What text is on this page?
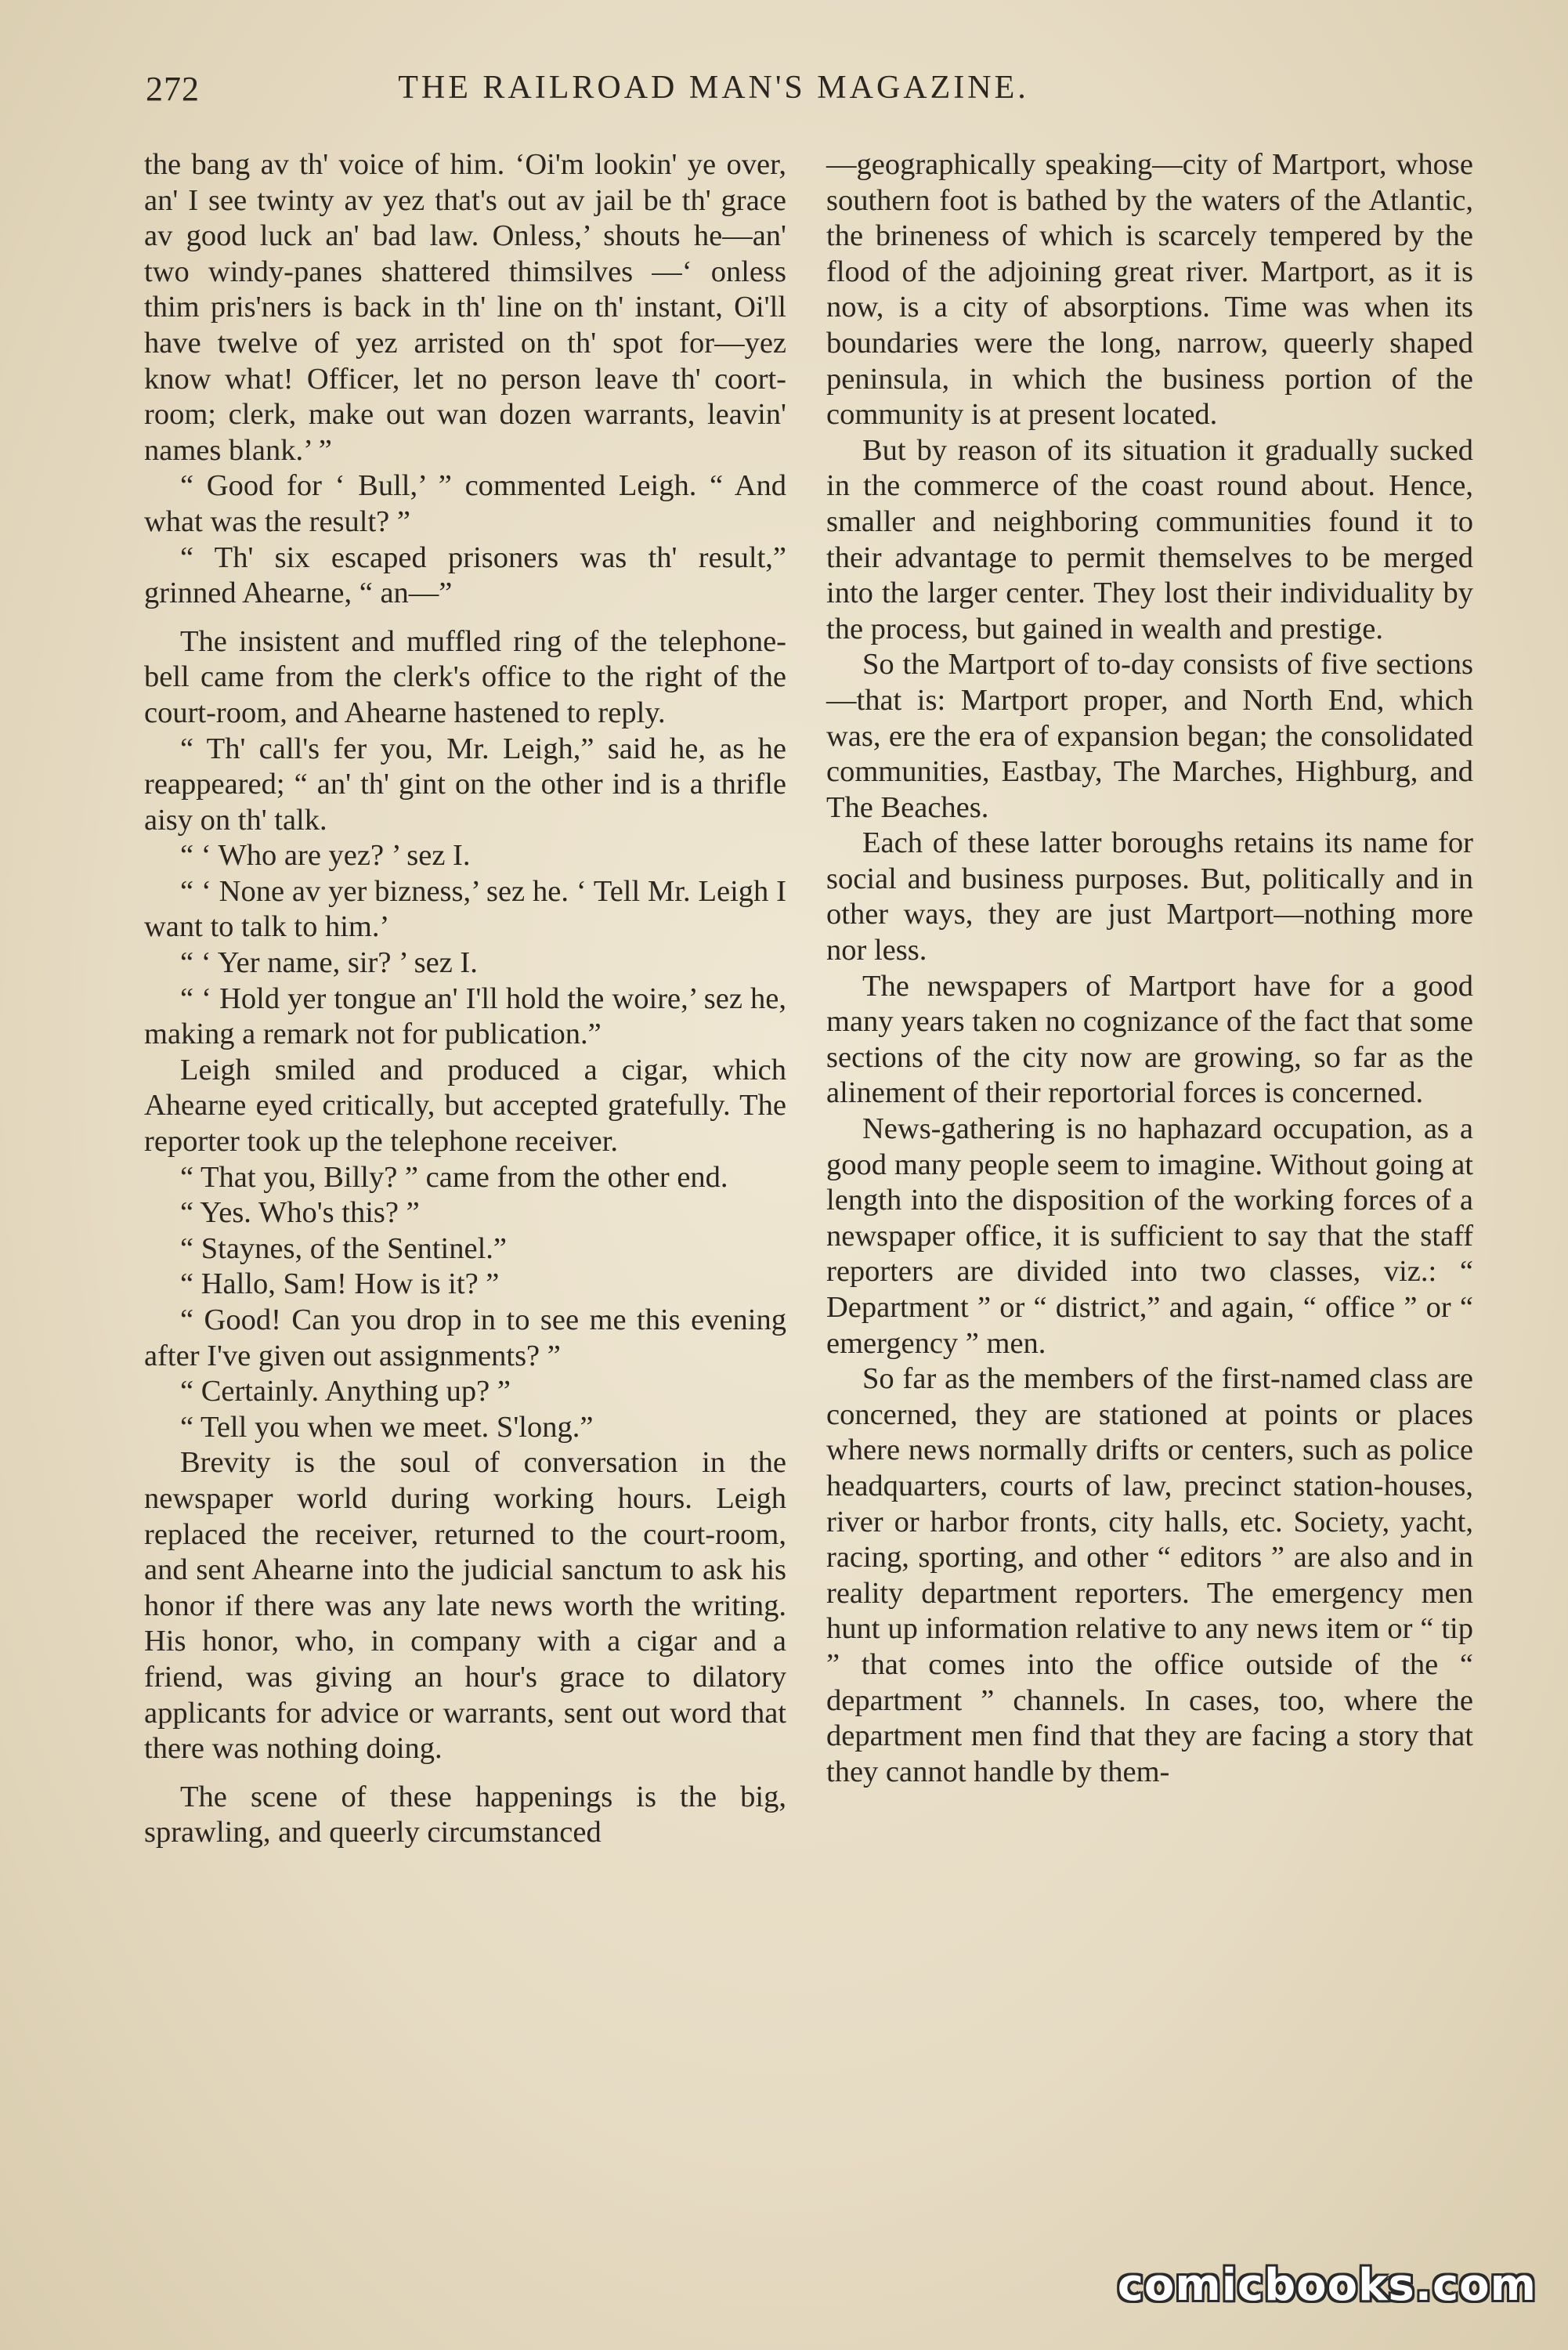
272	THE RAILROAD MAN'S MAGAZINE.

the bang av th' voice of him. ‘Oi'm lookin' ye over, an' I see twinty av yez that's out av jail be th' grace av good luck an' bad law. Onless,’ shouts he—an' two windy-panes shattered thimsilves —‘ onless thim pris'ners is back in th' line on th' instant, Oi'll have twelve of yez arristed on th' spot for—yez know what! Officer, let no person leave th' coort-room; clerk, make out wan dozen warrants, leavin' names blank.’ ”

“ Good for ‘ Bull,’ ” commented Leigh. “ And what was the result? ”

“ Th' six escaped prisoners was th' result,” grinned Ahearne, “ an—”

The insistent and muffled ring of the telephone-bell came from the clerk's office to the right of the court-room, and Ahearne hastened to reply.

“ Th' call's fer you, Mr. Leigh,” said he, as he reappeared; “ an' th' gint on the other ind is a thrifle aisy on th' talk.

“ ‘ Who are yez? ’ sez I.

“ ‘ None av yer bizness,’ sez he. ‘ Tell Mr. Leigh I want to talk to him.’

“ ‘ Yer name, sir? ’ sez I.

“ ‘ Hold yer tongue an' I'll hold the woire,’ sez he, making a remark not for publication.”

Leigh smiled and produced a cigar, which Ahearne eyed critically, but accepted gratefully. The reporter took up the telephone receiver.

“ That you, Billy? ” came from the other end.

“ Yes. Who's this? ”

“ Staynes, of the Sentinel.”

“ Hallo, Sam! How is it? ”

“ Good! Can you drop in to see me this evening after I've given out assignments? ”

“ Certainly. Anything up? ”

“ Tell you when we meet. S'long.”

Brevity is the soul of conversation in the newspaper world during working hours. Leigh replaced the receiver, returned to the court-room, and sent Ahearne into the judicial sanctum to ask his honor if there was any late news worth the writing. His honor, who, in company with a cigar and a friend, was giving an hour's grace to dilatory applicants for advice or warrants, sent out word that there was nothing doing.

The scene of these happenings is the big, sprawling, and queerly circumstanced

—geographically speaking—city of Martport, whose southern foot is bathed by the waters of the Atlantic, the brineness of which is scarcely tempered by the flood of the adjoining great river. Martport, as it is now, is a city of absorptions. Time was when its boundaries were the long, narrow, queerly shaped peninsula, in which the business portion of the community is at present located.

But by reason of its situation it gradually sucked in the commerce of the coast round about. Hence, smaller and neighboring communities found it to their advantage to permit themselves to be merged into the larger center. They lost their individuality by the process, but gained in wealth and prestige.

So the Martport of to-day consists of five sections—that is: Martport proper, and North End, which was, ere the era of expansion began; the consolidated communities, Eastbay, The Marches, Highburg, and The Beaches.

Each of these latter boroughs retains its name for social and business purposes. But, politically and in other ways, they are just Martport—nothing more nor less.

The newspapers of Martport have for a good many years taken no cognizance of the fact that some sections of the city now are growing, so far as the alinement of their reportorial forces is concerned.

News-gathering is no haphazard occupation, as a good many people seem to imagine. Without going at length into the disposition of the working forces of a newspaper office, it is sufficient to say that the staff reporters are divided into two classes, viz.: “ Department ” or “ district,” and again, “ office ” or “ emergency ” men.

So far as the members of the first-named class are concerned, they are stationed at points or places where news normally drifts or centers, such as police headquarters, courts of law, precinct station-houses, river or harbor fronts, city halls, etc. Society, yacht, racing, sporting, and other “ editors ” are also and in reality department reporters. The emergency men hunt up information relative to any news item or “ tip ” that comes into the office outside of the “ department ” channels. In cases, too, where the department men find that they are facing a story that they cannot handle by them-

comicbooks.com
